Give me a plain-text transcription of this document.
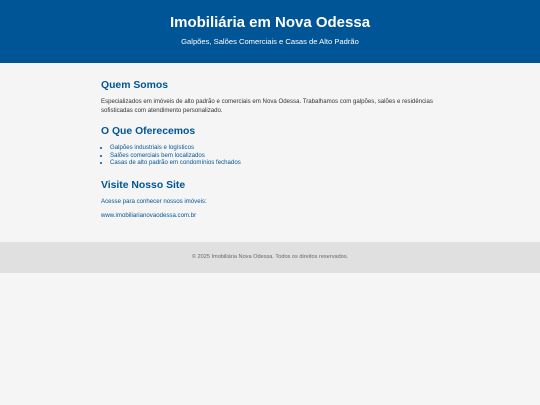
Imobiliária em Nova Odessa
Galpões, Salões Comerciais e Casas de Alto Padrão
Quem Somos

Especializados em imóveis de alto padrão e comerciais em Nova Odessa. Trabalhamos com galpões, salões e residências sofisticadas com atendimento personalizado.

O Que Oferecemos
• Galpões industriais e logísticos
• Salões comerciais bem localizados
• Casas de alto padrão em condomínios fechados
Visite Nosso Site

Acesse para conhecer nossos imóveis:

www.imobiliarianovaodessa.com.br

© 2025 Imobiliária Nova Odessa. Todos os direitos reservados.
